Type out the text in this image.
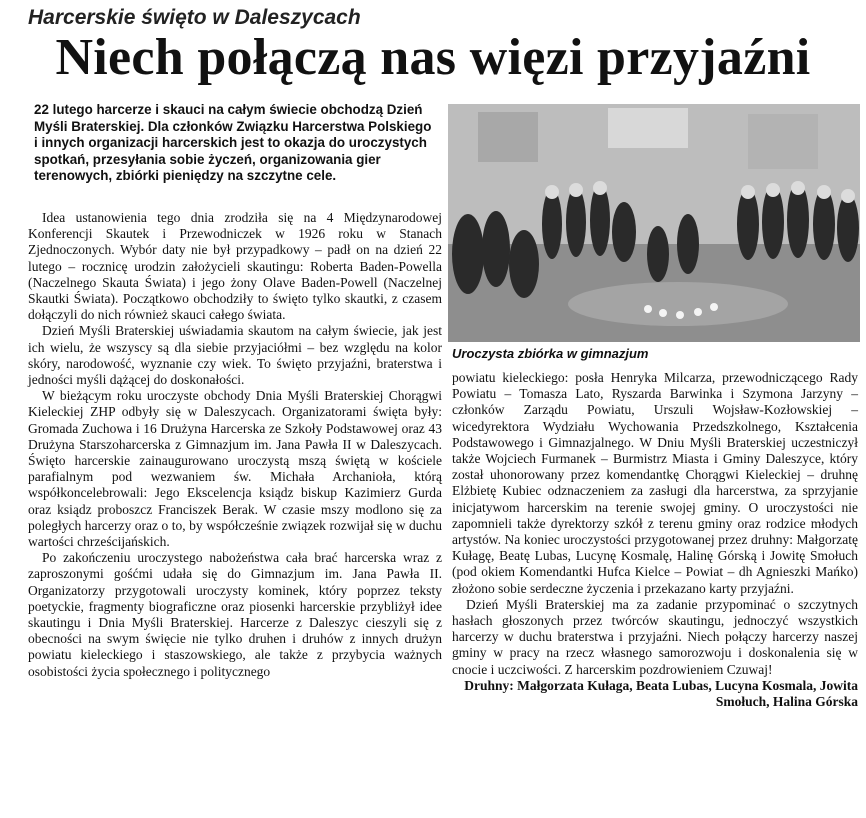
Harcerskie święto w Daleszycach
Niech połączą nas więzi przyjaźni

22 lutego harcerze i skauci na całym świecie obchodzą Dzień Myśli Braterskiej. Dla członków Związku Harcerstwa Polskiego i innych organizacji harcerskich jest to okazja do uroczystych spotkań, przesyłania sobie życzeń, organizowania gier terenowych, zbiórki pieniędzy na szczytne cele.

Uroczysta zbiórka w gimnazjum

Idea ustanowienia tego dnia zrodziła się na 4 Międzynarodowej Konferencji Skautek i Przewodniczek w 1926 roku w Stanach Zjednoczonych. Wybór daty nie był przypadkowy – padł on na dzień 22 lutego – rocznicę urodzin założycieli skautingu: Roberta Baden-Powella (Naczelnego Skauta Świata) i jego żony Olave Baden-Powell (Naczelnej Skautki Świata). Początkowo obchodziły to święto tylko skautki, z czasem dołączyli do nich również skauci całego świata.

Dzień Myśli Braterskiej uświadamia skautom na całym świecie, jak jest ich wielu, że wszyscy są dla siebie przyjaciółmi – bez względu na kolor skóry, narodowość, wyznanie czy wiek. To święto przyjaźni, braterstwa i jedności myśli dążącej do doskonałości.

W bieżącym roku uroczyste obchody Dnia Myśli Braterskiej Chorągwi Kieleckiej ZHP odbyły się w Daleszycach. Organizatorami święta były: Gromada Zuchowa i 16 Drużyna Harcerska ze Szkoły Podstawowej oraz 43 Drużyna Starszoharcerska z Gimnazjum im. Jana Pawła II w Daleszycach. Święto harcerskie zainaugurowano uroczystą mszą świętą w kościele parafialnym pod wezwaniem św. Michała Archanioła, którą współkoncelebrowali: Jego Ekscelencja ksiądz biskup Kazimierz Gurda oraz ksiądz proboszcz Franciszek Berak. W czasie mszy modlono się za poległych harcerzy oraz o to, by współcześnie związek rozwijał się w duchu wartości chrześcijańskich.

Po zakończeniu uroczystego nabożeństwa cała brać harcerska wraz z zaproszonymi gośćmi udała się do Gimnazjum im. Jana Pawła II. Organizatorzy przygotowali uroczysty kominek, który poprzez teksty poetyckie, fragmenty biograficzne oraz piosenki harcerskie przybliżył idee skautingu i Dnia Myśli Braterskiej. Harcerze z Daleszyc cieszyli się z obecności na swym święcie nie tylko druhen i druhów z innych drużyn powiatu kieleckiego i staszowskiego, ale także z przybycia ważnych osobistości życia społecznego i politycznego

powiatu kieleckiego: posła Henryka Milcarza, przewodniczącego Rady Powiatu – Tomasza Lato, Ryszarda Barwinka i Szymona Jarzyny – członków Zarządu Powiatu, Urszuli Wojsław-Kozłowskiej – wicedyrektora Wydziału Wychowania Przedszkolnego, Kształcenia Podstawowego i Gimnazjalnego. W Dniu Myśli Braterskiej uczestniczył także Wojciech Furmanek – Burmistrz Miasta i Gminy Daleszyce, który został uhonorowany przez komendantkę Chorągwi Kieleckiej – druhnę Elżbietę Kubiec odznaczeniem za zasługi dla harcerstwa, za sprzyjanie inicjatywom harcerskim na terenie swojej gminy. O uroczystości nie zapomnieli także dyrektorzy szkół z terenu gminy oraz rodzice młodych artystów. Na koniec uroczystości przygotowanej przez druhny: Małgorzatę Kułagę, Beatę Lubas, Lucynę Kosmalę, Halinę Górską i Jowitę Smołuch (pod okiem Komendantki Hufca Kielce – Powiat – dh Agnieszki Mańko) złożono sobie serdeczne życzenia i przekazano karty przyjaźni.

Dzień Myśli Braterskiej ma za zadanie przypominać o szczytnych hasłach głoszonych przez twórców skautingu, jednoczyć wszystkich harcerzy w duchu braterstwa i przyjaźni. Niech połączy harcerzy naszej gminy w pracy na rzecz własnego samorozwoju i doskonalenia się w cnocie i uczciwości. Z harcerskim pozdrowieniem Czuwaj!

Druhny: Małgorzata Kułaga, Beata Lubas, Lucyna Kosmala, Jowita Smołuch, Halina Górska
